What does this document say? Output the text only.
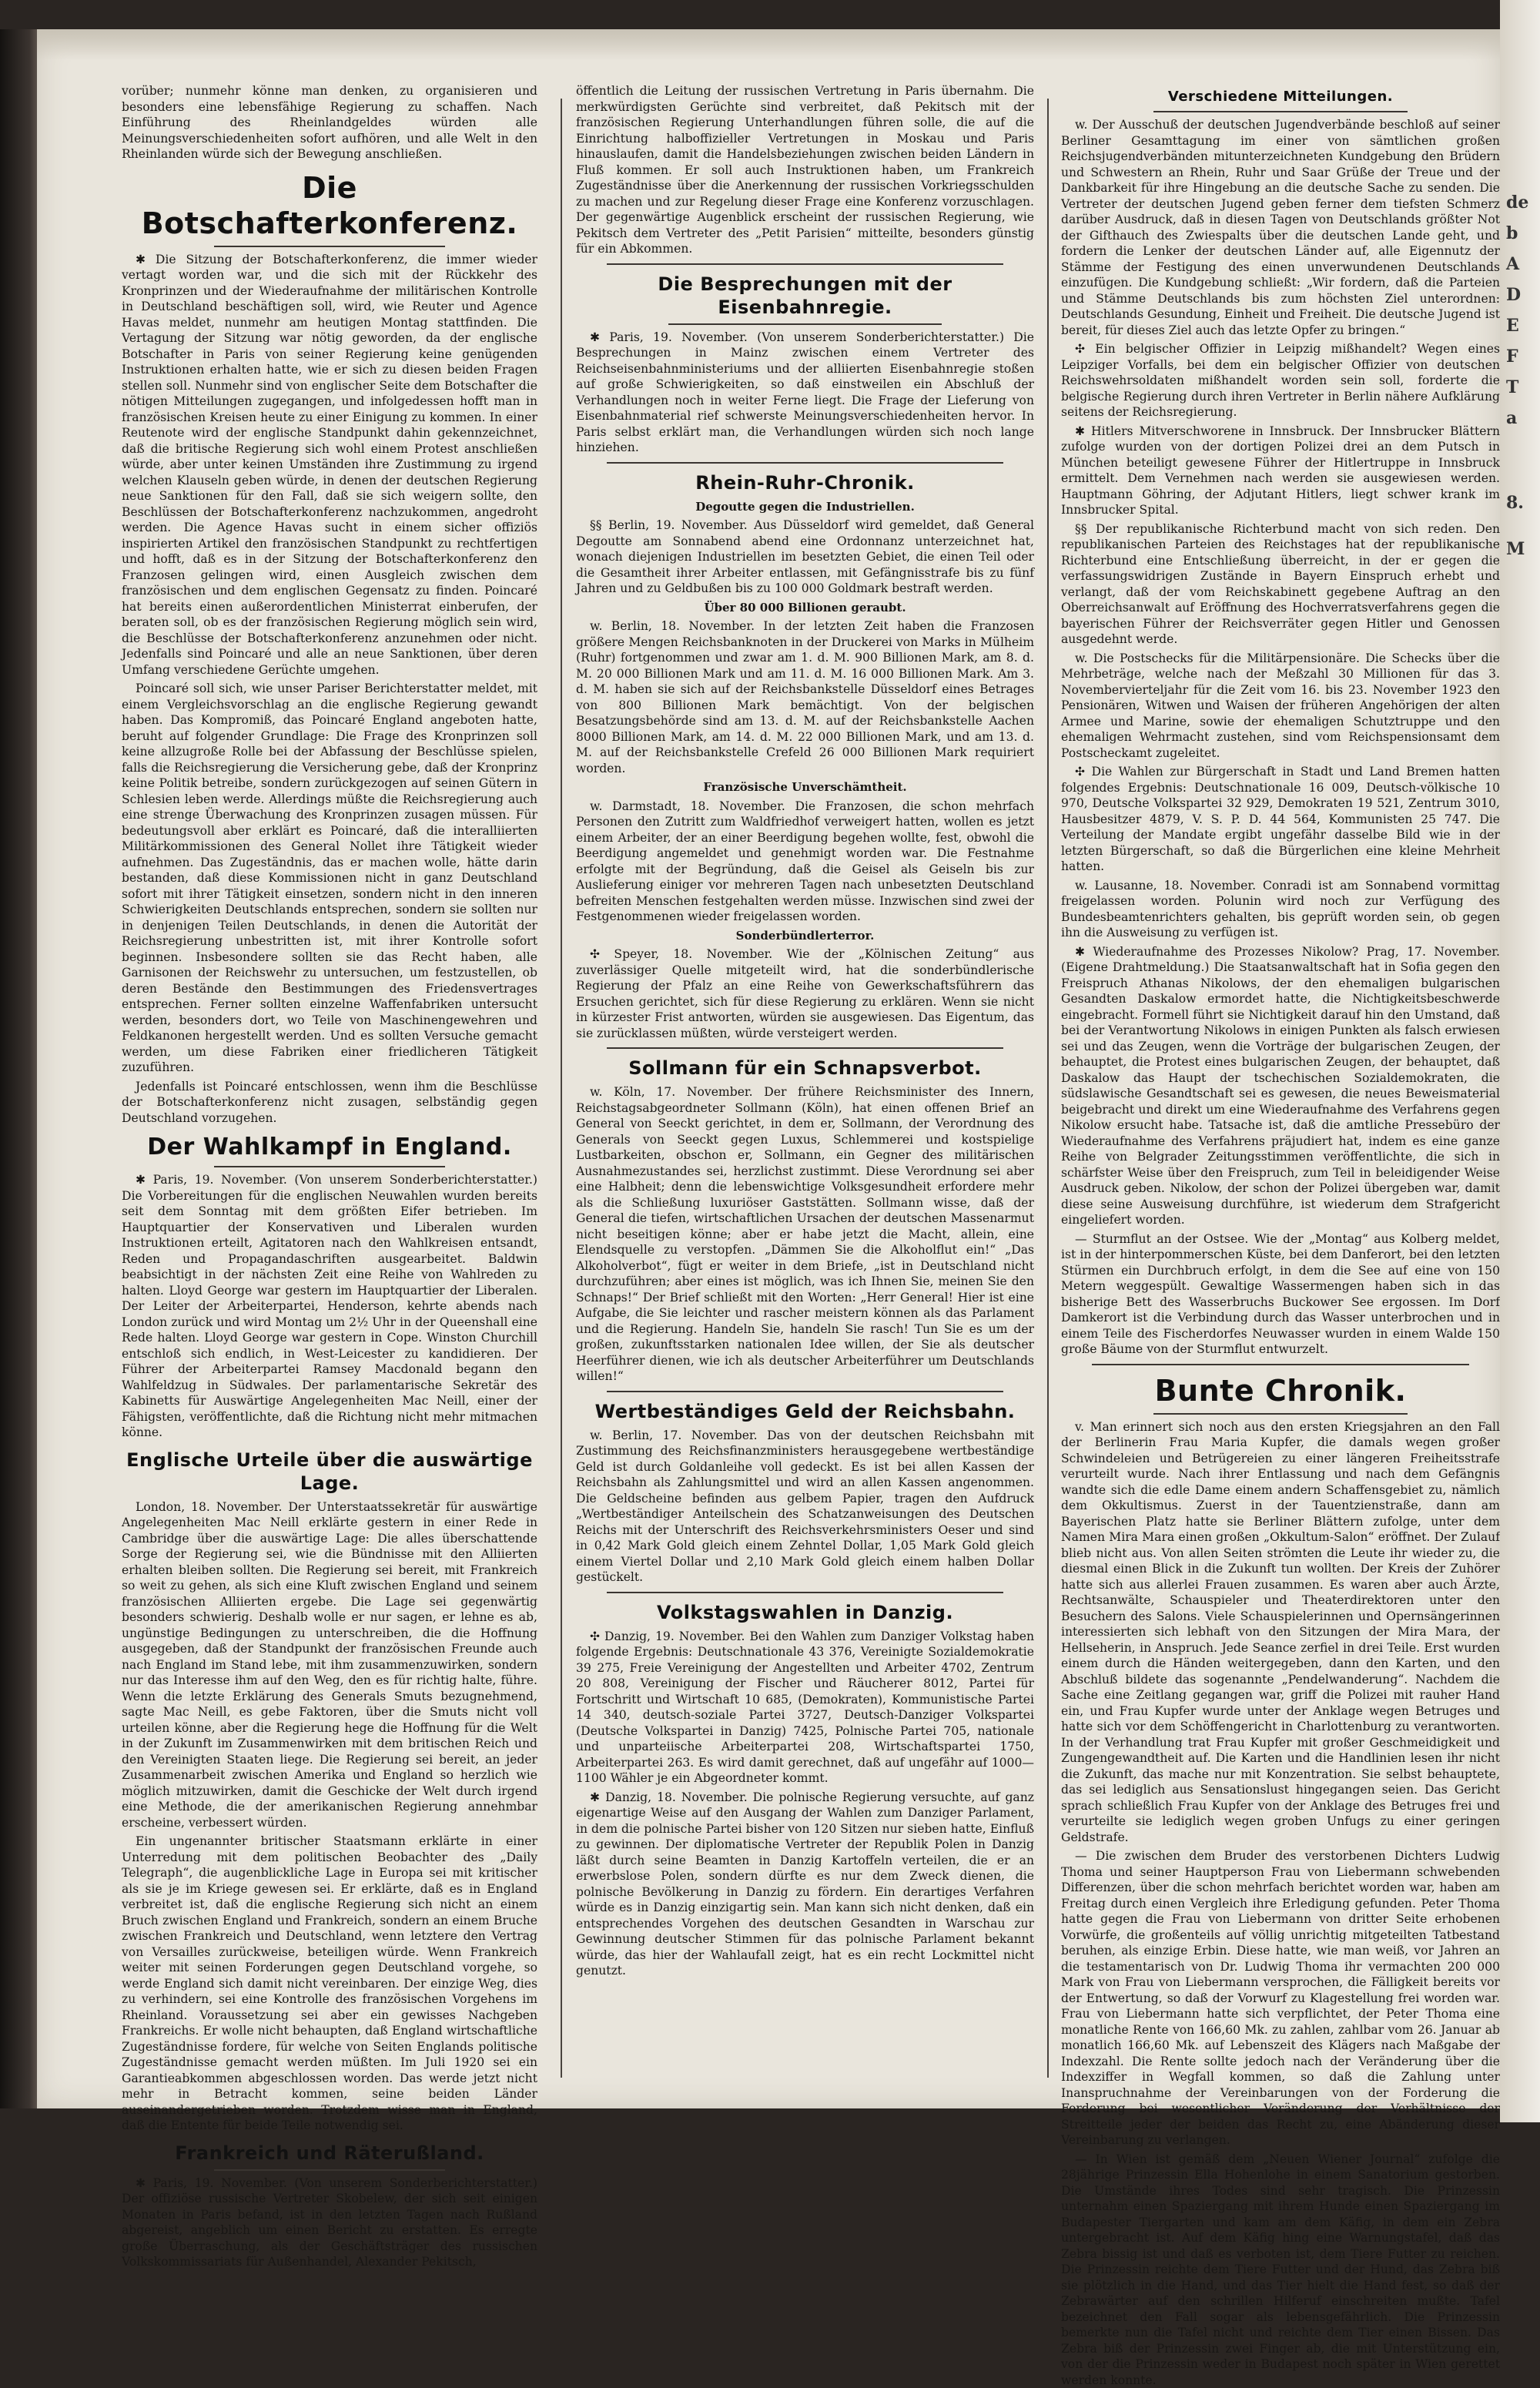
vorüber; nunmehr könne man denken, zu organisieren und besonders eine lebensfähige Regierung zu schaffen. Nach Einführung des Rheinlandgeldes würden alle Meinungsverschiedenheiten sofort aufhören, und alle Welt in den Rheinlanden würde sich der Bewegung anschließen.

Die Botschafterkonferenz.

✱ Die Sitzung der Botschafterkonferenz, die immer wieder vertagt worden war, und die sich mit der Rückkehr des Kronprinzen und der Wiederaufnahme der militärischen Kontrolle in Deutschland beschäftigen soll, wird, wie Reuter und Agence Havas meldet, nunmehr am heutigen Montag stattfinden. Die Vertagung der Sitzung war nötig geworden, da der englische Botschafter in Paris von seiner Regierung keine genügenden Instruktionen erhalten hatte, wie er sich zu diesen beiden Fragen stellen soll. Nunmehr sind von englischer Seite dem Botschafter die nötigen Mitteilungen zugegangen, und infolgedessen hofft man in französischen Kreisen heute zu einer Einigung zu kommen. In einer Reutenote wird der englische Standpunkt dahin gekennzeichnet, daß die britische Regierung sich wohl einem Protest anschließen würde, aber unter keinen Umständen ihre Zustimmung zu irgend welchen Klauseln geben würde, in denen der deutschen Regierung neue Sanktionen für den Fall, daß sie sich weigern sollte, den Beschlüssen der Botschafterkonferenz nachzukommen, angedroht werden. Die Agence Havas sucht in einem sicher offiziös inspirierten Artikel den französischen Standpunkt zu rechtfertigen und hofft, daß es in der Sitzung der Botschafterkonferenz den Franzosen gelingen wird, einen Ausgleich zwischen dem französischen und dem englischen Gegensatz zu finden. Poincaré hat bereits einen außerordentlichen Ministerrat einberufen, der beraten soll, ob es der französischen Regierung möglich sein wird, die Beschlüsse der Botschafterkonferenz anzunehmen oder nicht. Jedenfalls sind Poincaré und alle an neue Sanktionen, über deren Umfang verschiedene Gerüchte umgehen.

Poincaré soll sich, wie unser Pariser Berichterstatter meldet, mit einem Vergleichsvorschlag an die englische Regierung gewandt haben. Das Kompromiß, das Poincaré England angeboten hatte, beruht auf folgender Grundlage: Die Frage des Kronprinzen soll keine allzugroße Rolle bei der Abfassung der Beschlüsse spielen, falls die Reichsregierung die Versicherung gebe, daß der Kronprinz keine Politik betreibe, sondern zurückgezogen auf seinen Gütern in Schlesien leben werde. Allerdings müßte die Reichsregierung auch eine strenge Überwachung des Kronprinzen zusagen müssen. Für bedeutungsvoll aber erklärt es Poincaré, daß die interalliierten Militärkommissionen des General Nollet ihre Tätigkeit wieder aufnehmen. Das Zugeständnis, das er machen wolle, hätte darin bestanden, daß diese Kommissionen nicht in ganz Deutschland sofort mit ihrer Tätigkeit einsetzen, sondern nicht in den inneren Schwierigkeiten Deutschlands entsprechen, sondern sie sollten nur in denjenigen Teilen Deutschlands, in denen die Autorität der Reichsregierung unbestritten ist, mit ihrer Kontrolle sofort beginnen. Insbesondere sollten sie das Recht haben, alle Garnisonen der Reichswehr zu untersuchen, um festzustellen, ob deren Bestände den Bestimmungen des Friedensvertrages entsprechen. Ferner sollten einzelne Waffenfabriken untersucht werden, besonders dort, wo Teile von Maschinengewehren und Feldkanonen hergestellt werden. Und es sollten Versuche gemacht werden, um diese Fabriken einer friedlicheren Tätigkeit zuzuführen.

Jedenfalls ist Poincaré entschlossen, wenn ihm die Beschlüsse der Botschafterkonferenz nicht zusagen, selbständig gegen Deutschland vorzugehen.

Der Wahlkampf in England.

✱ Paris, 19. November. (Von unserem Sonderberichterstatter.) Die Vorbereitungen für die englischen Neuwahlen wurden bereits seit dem Sonntag mit dem größten Eifer betrieben. Im Hauptquartier der Konservativen und Liberalen wurden Instruktionen erteilt, Agitatoren nach den Wahlkreisen entsandt, Reden und Propagandaschriften ausgearbeitet. Baldwin beabsichtigt in der nächsten Zeit eine Reihe von Wahlreden zu halten. Lloyd George war gestern im Hauptquartier der Liberalen. Der Leiter der Arbeiterpartei, Henderson, kehrte abends nach London zurück und wird Montag um 2½ Uhr in der Queenshall eine Rede halten. Lloyd George war gestern in Cope. Winston Churchill entschloß sich endlich, in West-Leicester zu kandidieren. Der Führer der Arbeiterpartei Ramsey Macdonald begann den Wahlfeldzug in Südwales. Der parlamentarische Sekretär des Kabinetts für Auswärtige Angelegenheiten Mac Neill, einer der Fähigsten, veröffentlichte, daß die Richtung nicht mehr mitmachen könne.

Englische Urteile über die auswärtige Lage.

London, 18. November. Der Unterstaatssekretär für auswärtige Angelegenheiten Mac Neill erklärte gestern in einer Rede in Cambridge über die auswärtige Lage: Die alles überschattende Sorge der Regierung sei, wie die Bündnisse mit den Alliierten erhalten bleiben sollten. Die Regierung sei bereit, mit Frankreich so weit zu gehen, als sich eine Kluft zwischen England und seinem französischen Alliierten ergebe. Die Lage sei gegenwärtig besonders schwierig. Deshalb wolle er nur sagen, er lehne es ab, ungünstige Bedingungen zu unterschreiben, die die Hoffnung ausgegeben, daß der Standpunkt der französischen Freunde auch nach England im Stand lebe, mit ihm zusammenzuwirken, sondern nur das Interesse ihm auf den Weg, den es für richtig halte, führe. Wenn die letzte Erklärung des Generals Smuts bezugnehmend, sagte Mac Neill, es gebe Faktoren, über die Smuts nicht voll urteilen könne, aber die Regierung hege die Hoffnung für die Welt in der Zukunft im Zusammenwirken mit dem britischen Reich und den Vereinigten Staaten liege. Die Regierung sei bereit, an jeder Zusammenarbeit zwischen Amerika und England so herzlich wie möglich mitzuwirken, damit die Geschicke der Welt durch irgend eine Methode, die der amerikanischen Regierung annehmbar erscheine, verbessert würden.

Ein ungenannter britischer Staatsmann erklärte in einer Unterredung mit dem politischen Beobachter des „Daily Telegraph“, die augenblickliche Lage in Europa sei mit kritischer als sie je im Kriege gewesen sei. Er erklärte, daß es in England verbreitet ist, daß die englische Regierung sich nicht an einem Bruch zwischen England und Frankreich, sondern an einem Bruche zwischen Frankreich und Deutschland, wenn letztere den Vertrag von Versailles zurückweise, beteiligen würde. Wenn Frankreich weiter mit seinen Forderungen gegen Deutschland vorgehe, so werde England sich damit nicht vereinbaren. Der einzige Weg, dies zu verhindern, sei eine Kontrolle des französischen Vorgehens im Rheinland. Voraussetzung sei aber ein gewisses Nachgeben Frankreichs. Er wolle nicht behaupten, daß England wirtschaftliche Zugeständnisse fordere, für welche von Seiten Englands politische Zugeständnisse gemacht werden müßten. Im Juli 1920 sei ein Garantieabkommen abgeschlossen worden. Das werde jetzt nicht mehr in Betracht kommen, seine beiden Länder auseinandergetrieben worden. Trotzdem wisse man in England, daß die Entente für beide Teile notwendig sei.

Frankreich und Räterußland.

✱ Paris, 19. November. (Von unserem Sonderberichterstatter.) Der offiziöse russische Vertreter Skobelew, der sich seit einigen Monaten in Paris befand, ist in den letzten Tagen nach Rußland abgereist, angeblich um einen Bericht zu erstatten. Es erregte große Überraschung, als der Geschäftsträger des russischen Volkskommissariats für Außenhandel, Alexander Pekitsch,

öffentlich die Leitung der russischen Vertretung in Paris übernahm. Die merkwürdigsten Gerüchte sind verbreitet, daß Pekitsch mit der französischen Regierung Unterhandlungen führen solle, die auf die Einrichtung halboffizieller Vertretungen in Moskau und Paris hinauslaufen, damit die Handelsbeziehungen zwischen beiden Ländern in Fluß kommen. Er soll auch Instruktionen haben, um Frankreich Zugeständnisse über die Anerkennung der russischen Vorkriegsschulden zu machen und zur Regelung dieser Frage eine Konferenz vorzuschlagen. Der gegenwärtige Augenblick erscheint der russischen Regierung, wie Pekitsch dem Vertreter des „Petit Parisien“ mitteilte, besonders günstig für ein Abkommen.

Die Besprechungen mit der Eisenbahnregie.

✱ Paris, 19. November. (Von unserem Sonderberichterstatter.) Die Besprechungen in Mainz zwischen einem Vertreter des Reichseisenbahnministeriums und der alliierten Eisenbahnregie stoßen auf große Schwierigkeiten, so daß einstweilen ein Abschluß der Verhandlungen noch in weiter Ferne liegt. Die Frage der Lieferung von Eisenbahnmaterial rief schwerste Meinungsverschiedenheiten hervor. In Paris selbst erklärt man, die Verhandlungen würden sich noch lange hinziehen.

Rhein-Ruhr-Chronik.
Degoutte gegen die Industriellen.

§§ Berlin, 19. November. Aus Düsseldorf wird gemeldet, daß General Degoutte am Sonnabend abend eine Ordonnanz unterzeichnet hat, wonach diejenigen Industriellen im besetzten Gebiet, die einen Teil oder die Gesamtheit ihrer Arbeiter entlassen, mit Gefängnisstrafe bis zu fünf Jahren und zu Geldbußen bis zu 100 000 Goldmark bestraft werden.

Über 80 000 Billionen geraubt.

w. Berlin, 18. November. In der letzten Zeit haben die Franzosen größere Mengen Reichsbanknoten in der Druckerei von Marks in Mülheim (Ruhr) fortgenommen und zwar am 1. d. M. 900 Billionen Mark, am 8. d. M. 20 000 Billionen Mark und am 11. d. M. 16 000 Billionen Mark. Am 3. d. M. haben sie sich auf der Reichsbankstelle Düsseldorf eines Betrages von 800 Billionen Mark bemächtigt. Von der belgischen Besatzungsbehörde sind am 13. d. M. auf der Reichsbankstelle Aachen 8000 Billionen Mark, am 14. d. M. 22 000 Billionen Mark, und am 13. d. M. auf der Reichsbankstelle Crefeld 26 000 Billionen Mark requiriert worden.

Französische Unverschämtheit.

w. Darmstadt, 18. November. Die Franzosen, die schon mehrfach Personen den Zutritt zum Waldfriedhof verweigert hatten, wollen es jetzt einem Arbeiter, der an einer Beerdigung begehen wollte, fest, obwohl die Beerdigung angemeldet und genehmigt worden war. Die Festnahme erfolgte mit der Begründung, daß die Geisel als Geiseln bis zur Auslieferung einiger vor mehreren Tagen nach unbesetzten Deutschland befreiten Menschen festgehalten werden müsse. Inzwischen sind zwei der Festgenommenen wieder freigelassen worden.

Sonderbündlerterror.

✣ Speyer, 18. November. Wie der „Kölnischen Zeitung“ aus zuverlässiger Quelle mitgeteilt wird, hat die sonderbündlerische Regierung der Pfalz an eine Reihe von Gewerkschaftsführern das Ersuchen gerichtet, sich für diese Regierung zu erklären. Wenn sie nicht in kürzester Frist antworten, würden sie ausgewiesen. Das Eigentum, das sie zurücklassen müßten, würde versteigert werden.

Sollmann für ein Schnapsverbot.

w. Köln, 17. November. Der frühere Reichsminister des Innern, Reichstagsabgeordneter Sollmann (Köln), hat einen offenen Brief an General von Seeckt gerichtet, in dem er, Sollmann, der Verordnung des Generals von Seeckt gegen Luxus, Schlemmerei und kostspielige Lustbarkeiten, obschon er, Sollmann, ein Gegner des militärischen Ausnahmezustandes sei, herzlichst zustimmt. Diese Verordnung sei aber eine Halbheit; denn die lebenswichtige Volksgesundheit erfordere mehr als die Schließung luxuriöser Gaststätten. Sollmann wisse, daß der General die tiefen, wirtschaftlichen Ursachen der deutschen Massenarmut nicht beseitigen könne; aber er habe jetzt die Macht, allein, eine Elendsquelle zu verstopfen. „Dämmen Sie die Alkoholflut ein!“ „Das Alkoholverbot“, fügt er weiter in dem Briefe, „ist in Deutschland nicht durchzuführen; aber eines ist möglich, was ich Ihnen Sie, meinen Sie den Schnaps!“ Der Brief schließt mit den Worten: „Herr General! Hier ist eine Aufgabe, die Sie leichter und rascher meistern können als das Parlament und die Regierung. Handeln Sie, handeln Sie rasch! Tun Sie es um der großen, zukunftsstarken nationalen Idee willen, der Sie als deutscher Heerführer dienen, wie ich als deutscher Arbeiterführer um Deutschlands willen!“

Wertbeständiges Geld der Reichsbahn.

w. Berlin, 17. November. Das von der deutschen Reichsbahn mit Zustimmung des Reichsfinanzministers herausgegebene wertbeständige Geld ist durch Goldanleihe voll gedeckt. Es ist bei allen Kassen der Reichsbahn als Zahlungsmittel und wird an allen Kassen angenommen. Die Geldscheine befinden aus gelbem Papier, tragen den Aufdruck „Wertbeständiger Anteilschein des Schatzanweisungen des Deutschen Reichs mit der Unterschrift des Reichsverkehrsministers Oeser und sind in 0,42 Mark Gold gleich einem Zehntel Dollar, 1,05 Mark Gold gleich einem Viertel Dollar und 2,10 Mark Gold gleich einem halben Dollar gestückelt.

Volkstagswahlen in Danzig.

✣ Danzig, 19. November. Bei den Wahlen zum Danziger Volkstag haben folgende Ergebnis: Deutschnationale 43 376, Vereinigte Sozialdemokratie 39 275, Freie Vereinigung der Angestellten und Arbeiter 4702, Zentrum 20 808, Vereinigung der Fischer und Räucherer 8012, Partei für Fortschritt und Wirtschaft 10 685, (Demokraten), Kommunistische Partei 14 340, deutsch-soziale Partei 3727, Deutsch-Danziger Volkspartei (Deutsche Volkspartei in Danzig) 7425, Polnische Partei 705, nationale und unparteiische Arbeiterpartei 208, Wirtschaftspartei 1750, Arbeiterpartei 263. Es wird damit gerechnet, daß auf ungefähr auf 1000—1100 Wähler je ein Abgeordneter kommt.

✱ Danzig, 18. November. Die polnische Regierung versuchte, auf ganz eigenartige Weise auf den Ausgang der Wahlen zum Danziger Parlament, in dem die polnische Partei bisher von 120 Sitzen nur sieben hatte, Einfluß zu gewinnen. Der diplomatische Vertreter der Republik Polen in Danzig läßt durch seine Beamten in Danzig Kartoffeln verteilen, die er an erwerbslose Polen, sondern dürfte es nur dem Zweck dienen, die polnische Bevölkerung in Danzig zu fördern. Ein derartiges Verfahren würde es in Danzig einzigartig sein. Man kann sich nicht denken, daß ein entsprechendes Vorgehen des deutschen Gesandten in Warschau zur Gewinnung deutscher Stimmen für das polnische Parlament bekannt würde, das hier der Wahlaufall zeigt, hat es ein recht Lockmittel nicht genutzt.

Verschiedene Mitteilungen.

w. Der Ausschuß der deutschen Jugendverbände beschloß auf seiner Berliner Gesamttagung im einer von sämtlichen großen Reichsjugendverbänden mitunterzeichneten Kundgebung den Brüdern und Schwestern an Rhein, Ruhr und Saar Grüße der Treue und der Dankbarkeit für ihre Hingebung an die deutsche Sache zu senden. Die Vertreter der deutschen Jugend geben ferner dem tiefsten Schmerz darüber Ausdruck, daß in diesen Tagen von Deutschlands größter Not der Gifthauch des Zwiespalts über die deutschen Lande geht, und fordern die Lenker der deutschen Länder auf, alle Eigennutz der Stämme der Festigung des einen unverwundenen Deutschlands einzufügen. Die Kundgebung schließt: „Wir fordern, daß die Parteien und Stämme Deutschlands bis zum höchsten Ziel unterordnen: Deutschlands Gesundung, Einheit und Freiheit. Die deutsche Jugend ist bereit, für dieses Ziel auch das letzte Opfer zu bringen.“

✣ Ein belgischer Offizier in Leipzig mißhandelt? Wegen eines Leipziger Vorfalls, bei dem ein belgischer Offizier von deutschen Reichswehrsoldaten mißhandelt worden sein soll, forderte die belgische Regierung durch ihren Vertreter in Berlin nähere Aufklärung seitens der Reichsregierung.

✱ Hitlers Mitverschworene in Innsbruck. Der Innsbrucker Blättern zufolge wurden von der dortigen Polizei drei an dem Putsch in München beteiligt gewesene Führer der Hitlertruppe in Innsbruck ermittelt. Dem Vernehmen nach werden sie ausgewiesen werden. Hauptmann Göhring, der Adjutant Hitlers, liegt schwer krank im Innsbrucker Spital.

§§ Der republikanische Richterbund macht von sich reden. Den republikanischen Parteien des Reichstages hat der republikanische Richterbund eine Entschließung überreicht, in der er gegen die verfassungswidrigen Zustände in Bayern Einspruch erhebt und verlangt, daß der vom Reichskabinett gegebene Auftrag an den Oberreichsanwalt auf Eröffnung des Hochverratsverfahrens gegen die bayerischen Führer der Reichsverräter gegen Hitler und Genossen ausgedehnt werde.

w. Die Postschecks für die Militärpensionäre. Die Schecks über die Mehrbeträge, welche nach der Meßzahl 30 Millionen für das 3. Novembervierteljahr für die Zeit vom 16. bis 23. November 1923 den Pensionären, Witwen und Waisen der früheren Angehörigen der alten Armee und Marine, sowie der ehemaligen Schutztruppe und den ehemaligen Wehrmacht zustehen, sind vom Reichspensionsamt dem Postscheckamt zugeleitet.

✣ Die Wahlen zur Bürgerschaft in Stadt und Land Bremen hatten folgendes Ergebnis: Deutschnationale 16 009, Deutsch-völkische 10 970, Deutsche Volkspartei 32 929, Demokraten 19 521, Zentrum 3010, Hausbesitzer 4879, V. S. P. D. 44 564, Kommunisten 25 747. Die Verteilung der Mandate ergibt ungefähr dasselbe Bild wie in der letzten Bürgerschaft, so daß die Bürgerlichen eine kleine Mehrheit hatten.

w. Lausanne, 18. November. Conradi ist am Sonnabend vormittag freigelassen worden. Polunin wird noch zur Verfügung des Bundesbeamtenrichters gehalten, bis geprüft worden sein, ob gegen ihn die Ausweisung zu verfügen ist.

✱ Wiederaufnahme des Prozesses Nikolow? Prag, 17. November. (Eigene Drahtmeldung.) Die Staatsanwaltschaft hat in Sofia gegen den Freispruch Athanas Nikolows, der den ehemaligen bulgarischen Gesandten Daskalow ermordet hatte, die Nichtigkeitsbeschwerde eingebracht. Formell führt sie Nichtigkeit darauf hin den Umstand, daß bei der Verantwortung Nikolows in einigen Punkten als falsch erwiesen sei und das Zeugen, wenn die Vorträge der bulgarischen Zeugen, der behauptet, die Protest eines bulgarischen Zeugen, der behauptet, daß Daskalow das Haupt der tschechischen Sozialdemokraten, die südslawische Gesandtschaft sei es gewesen, die neues Beweismaterial beigebracht und direkt um eine Wiederaufnahme des Verfahrens gegen Nikolow ersucht habe. Tatsache ist, daß die amtliche Pressebüro der Wiederaufnahme des Verfahrens präjudiert hat, indem es eine ganze Reihe von Belgrader Zeitungsstimmen veröffentlichte, die sich in schärfster Weise über den Freispruch, zum Teil in beleidigender Weise Ausdruck geben. Nikolow, der schon der Polizei übergeben war, damit diese seine Ausweisung durchführe, ist wiederum dem Strafgericht eingeliefert worden.

— Sturmflut an der Ostsee. Wie der „Montag“ aus Kolberg meldet, ist in der hinterpommerschen Küste, bei dem Danferort, bei den letzten Stürmen ein Durchbruch erfolgt, in dem die See auf eine von 150 Metern weggespült. Gewaltige Wassermengen haben sich in das bisherige Bett des Wasserbruchs Buckower See ergossen. Im Dorf Damkerort ist die Verbindung durch das Wasser unterbrochen und in einem Teile des Fischerdorfes Neuwasser wurden in einem Walde 150 große Bäume von der Sturmflut entwurzelt.

Bunte Chronik.

v. Man erinnert sich noch aus den ersten Kriegsjahren an den Fall der Berlinerin Frau Maria Kupfer, die damals wegen großer Schwindeleien und Betrügereien zu einer längeren Freiheitsstrafe verurteilt wurde. Nach ihrer Entlassung und nach dem Gefängnis wandte sich die edle Dame einem andern Schaffensgebiet zu, nämlich dem Okkultismus. Zuerst in der Tauentzienstraße, dann am Bayerischen Platz hatte sie Berliner Blättern zufolge, unter dem Namen Mira Mara einen großen „Okkultum-Salon“ eröffnet. Der Zulauf blieb nicht aus. Von allen Seiten strömten die Leute ihr wieder zu, die diesmal einen Blick in die Zukunft tun wollten. Der Kreis der Zuhörer hatte sich aus allerlei Frauen zusammen. Es waren aber auch Ärzte, Rechtsanwälte, Schauspieler und Theaterdirektoren unter den Besuchern des Salons. Viele Schauspielerinnen und Opernsängerinnen interessierten sich lebhaft von den Sitzungen der Mira Mara, der Hellseherin, in Anspruch. Jede Seance zerfiel in drei Teile. Erst wurden einem durch die Händen weitergegeben, dann den Karten, und den Abschluß bildete das sogenannte „Pendelwanderung“. Nachdem die Sache eine Zeitlang gegangen war, griff die Polizei mit rauher Hand ein, und Frau Kupfer wurde unter der Anklage wegen Betruges und hatte sich vor dem Schöffengericht in Charlottenburg zu verantworten. In der Verhandlung trat Frau Kupfer mit großer Geschmeidigkeit und Zungengewandtheit auf. Die Karten und die Handlinien lesen ihr nicht die Zukunft, das mache nur mit Konzentration. Sie selbst behauptete, das sei lediglich aus Sensationslust hingegangen seien. Das Gericht sprach schließlich Frau Kupfer von der Anklage des Betruges frei und verurteilte sie lediglich wegen groben Unfugs zu einer geringen Geldstrafe.

— Die zwischen dem Bruder des verstorbenen Dichters Ludwig Thoma und seiner Hauptperson Frau von Liebermann schwebenden Differenzen, über die schon mehrfach berichtet worden war, haben am Freitag durch einen Vergleich ihre Erledigung gefunden. Peter Thoma hatte gegen die Frau von Liebermann von dritter Seite erhobenen Vorwürfe, die großenteils auf völlig unrichtig mitgeteilten Tatbestand beruhen, als einzige Erbin. Diese hatte, wie man weiß, vor Jahren an die testamentarisch von Dr. Ludwig Thoma ihr vermachten 200 000 Mark von Frau von Liebermann versprochen, die Fälligkeit bereits vor der Entwertung, so daß der Vorwurf zu Klagestellung frei worden war. Frau von Liebermann hatte sich verpflichtet, der Peter Thoma eine monatliche Rente von 166,60 Mk. zu zahlen, zahlbar vom 26. Januar ab monatlich 166,60 Mk. auf Lebenszeit des Klägers nach Maßgabe der Indexzahl. Die Rente sollte jedoch nach der Veränderung über die Indexziffer in Wegfall kommen, so daß die Zahlung unter Inanspruchnahme der Vereinbarungen von der Forderung die Forderung bei wesentlicher Veränderung der Verhältnisse der Streitteile jeder der beiden das Recht zu, eine Abänderung dieser Vereinbarung zu verlangen.

— In Wien ist gemäß dem „Neuen Wiener Journal“ zufolge die 28jährige Prinzessin Ella Hohenlohe in einem Sanatorium gestorben. Die Umstände ihres Todes sind sehr tragisch. Die Prinzessin unternahm einen Spaziergang mit ihrem Hunde einen Spaziergang im Budapester Tiergarten und kam am dem Käfig, in dem ein Zebra untergebracht ist. Auf dem Käfig hing eine Warnungstafel, daß das Zebra bissig ist und daß es verboten ist, dem Tiere Futter zu reichen. Die Prinzessin reichte dem Tiere Futter und der Hund, das Zebra biß sie plötzlich in die Hand, und das Tier hielt die Hand fest, so daß der Zebrawärter auf den schrillen Hilferuf einschreiten mußte. Tafel bezeichnet den Fall sogar als lebensgefährlich. Die Prinzessin bemerkte nun die Tafel nicht und reichte dem Tier einen Bissen. Das Zebra biß der Prinzessin zwei Finger ab, die mit Unterstützung ein, von der die Prinzessin weder in Budapest noch später in Wien gerettet werden konnte.

de
b
A
D
E
F
T
a
8.
M
